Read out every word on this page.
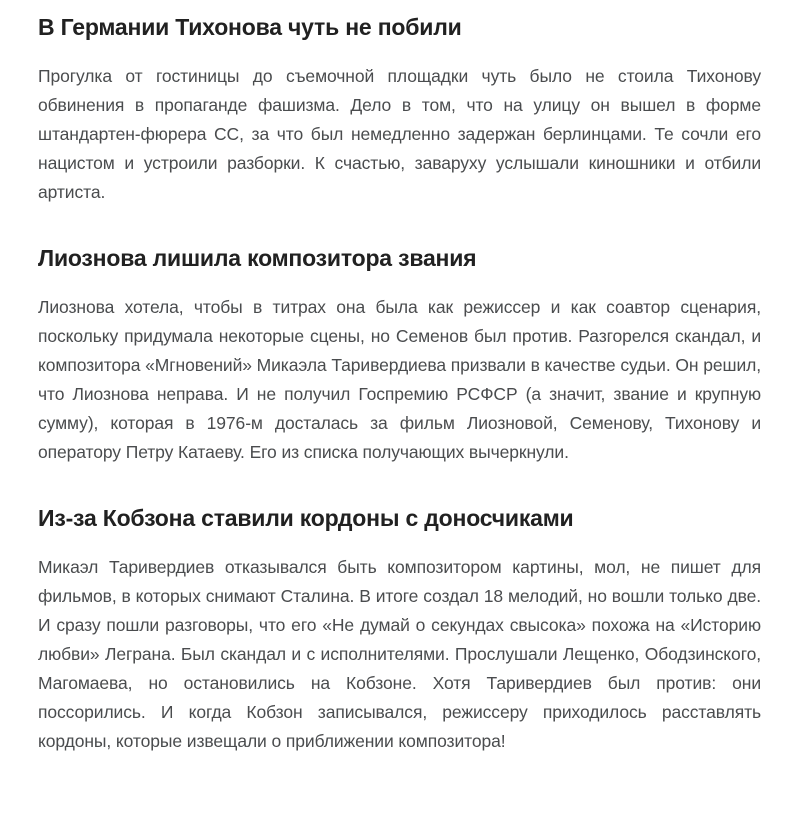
В Германии Тихонова чуть не побили

Прогулка от гостиницы до съемочной площадки чуть было не стоила Тихонову обвинения в пропаганде фашизма. Дело в том, что на улицу он вышел в форме штандартен-фюрера СС, за что был немедленно задержан берлинцами. Те сочли его нацистом и устроили разборки. К счастью, заваруху услышали киношники и отбили артиста.

Лиознова лишила композитора звания

Лиознова хотела, чтобы в титрах она была как режиссер и как соавтор сценария, поскольку придумала некоторые сцены, но Семенов был против. Разгорелся скандал, и композитора «Мгновений» Микаэла Таривердиева призвали в качестве судьи. Он решил, что Лиознова неправа. И не получил Госпремию РСФСР (а значит, звание и крупную сумму), которая в 1976-м досталась за фильм Лиозновой, Семенову, Тихонову и оператору Петру Катаеву. Его из списка получающих вычеркнули.

Из-за Кобзона ставили кордоны с доносчиками

Микаэл Таривердиев отказывался быть композитором картины, мол, не пишет для фильмов, в которых снимают Сталина. В итоге создал 18 мелодий, но вошли только две. И сразу пошли разговоры, что его «Не думай о секундах свысока» похожа на «Историю любви» Леграна. Был скандал и с исполнителями. Прослушали Лещенко, Ободзинского, Магомаева, но остановились на Кобзоне. Хотя Таривердиев был против: они поссорились. И когда Кобзон записывался, режиссеру приходилось расставлять кордоны, которые извещали о приближении композитора!
